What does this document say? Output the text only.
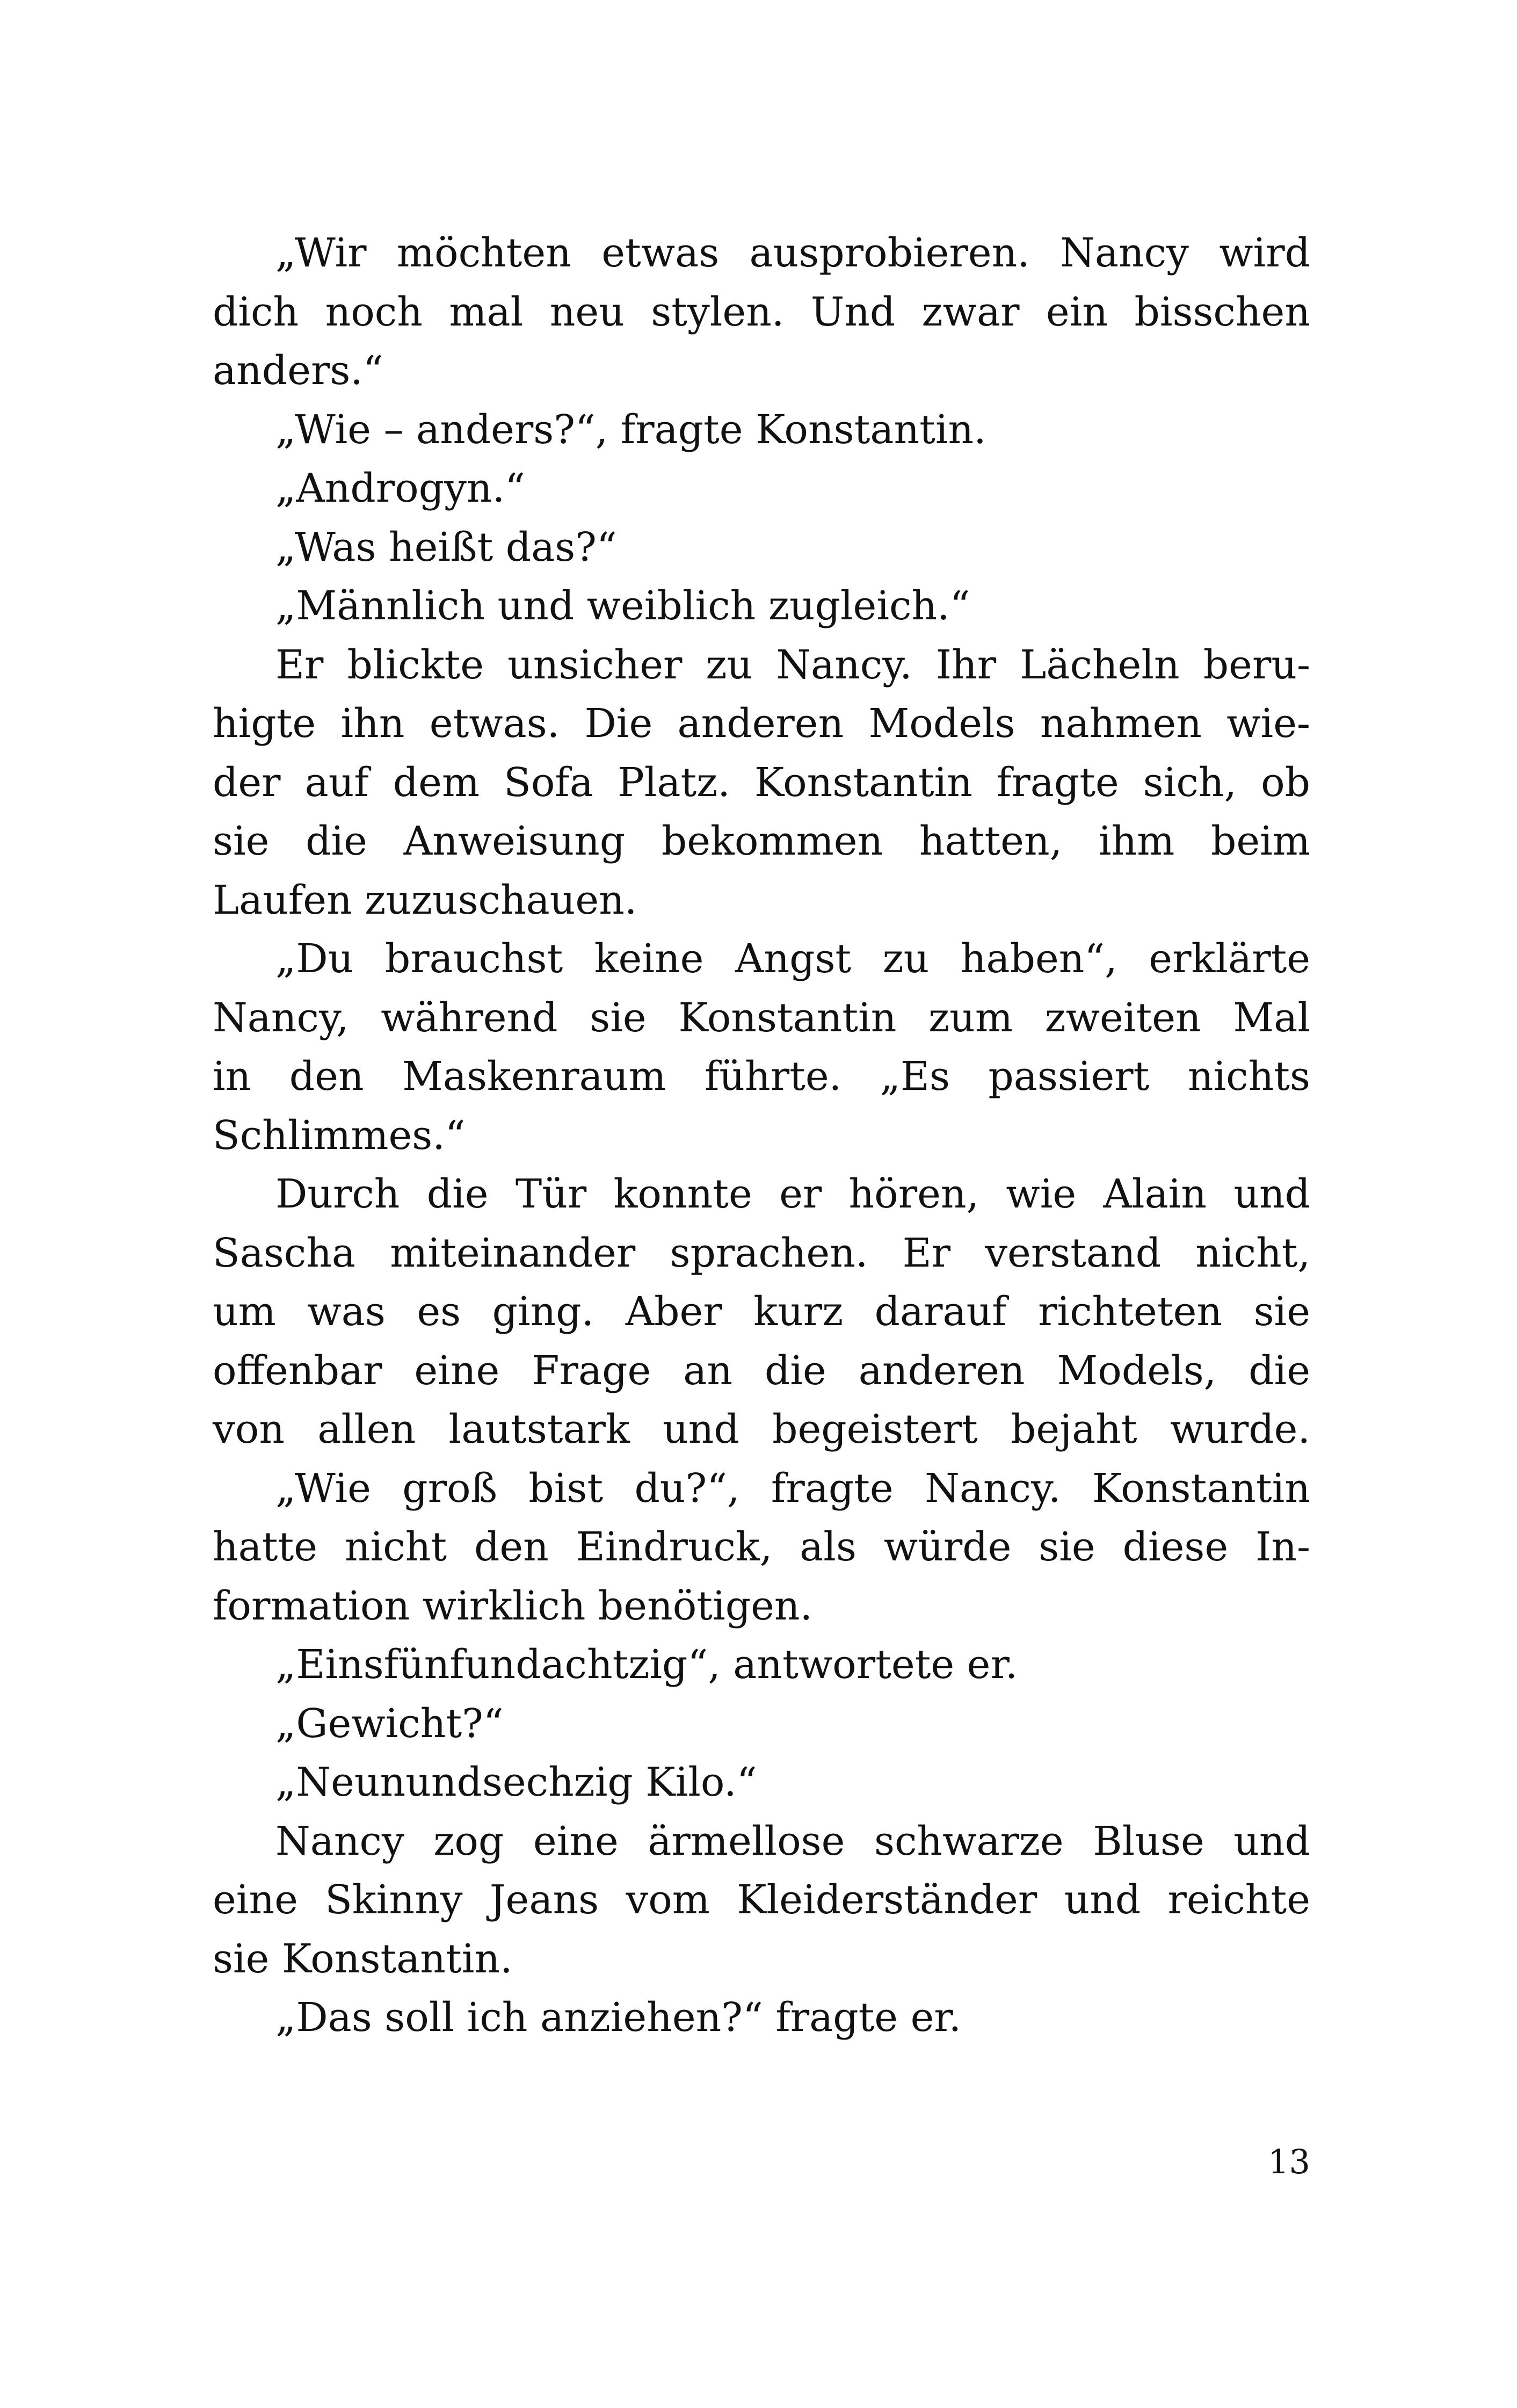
„Wir möchten etwas ausprobieren. Nancy wird
dich noch mal neu stylen. Und zwar ein bisschen
anders.“
„Wie – anders?“, fragte Konstantin.
„Androgyn.“
„Was heißt das?“
„Männlich und weiblich zugleich.“
Er blickte unsicher zu Nancy. Ihr Lächeln beru-
higte ihn etwas. Die anderen Models nahmen wie-
der auf dem Sofa Platz. Konstantin fragte sich, ob
sie die Anweisung bekommen hatten, ihm beim
Laufen zuzuschauen.
„Du brauchst keine Angst zu haben“, erklärte
Nancy, während sie Konstantin zum zweiten Mal
in den Maskenraum führte. „Es passiert nichts
Schlimmes.“
Durch die Tür konnte er hören, wie Alain und
Sascha miteinander sprachen. Er verstand nicht,
um was es ging. Aber kurz darauf richteten sie
offenbar eine Frage an die anderen Models, die
von allen lautstark und begeistert bejaht wurde.
„Wie groß bist du?“, fragte Nancy. Konstantin
hatte nicht den Eindruck, als würde sie diese In-
formation wirklich benötigen.
„Einsfünfundachtzig“, antwortete er.
„Gewicht?“
„Neunundsechzig Kilo.“
Nancy zog eine ärmellose schwarze Bluse und
eine Skinny Jeans vom Kleiderständer und reichte
sie Konstantin.
„Das soll ich anziehen?“ fragte er.
13
